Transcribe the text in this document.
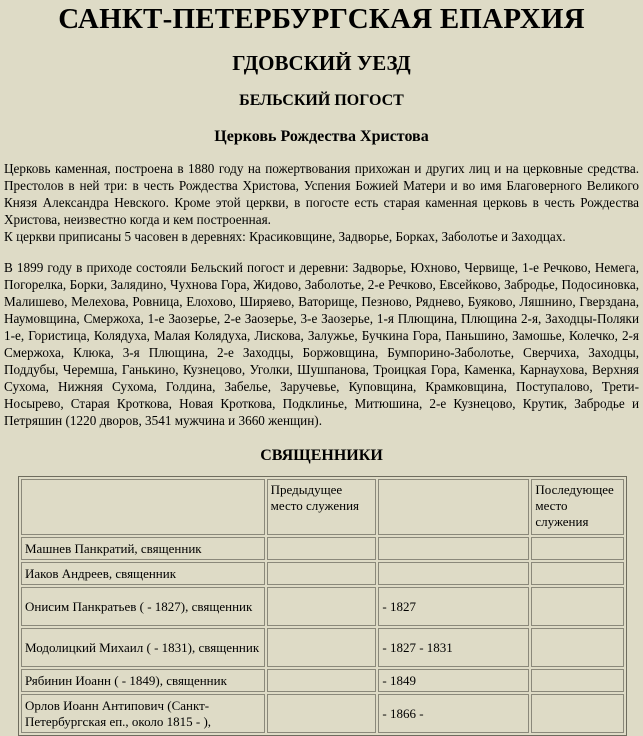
САНКТ-ПЕТЕРБУРГСКАЯ ЕПАРХИЯ
ГДОВСКИЙ УЕЗД
БЕЛЬСКИЙ ПОГОСТ
Церковь Рождества Христова

Церковь каменная, построена в 1880 году на пожертвования прихожан и других лиц и на церковные средства. Престолов в ней три: в честь Рождества Христова, Успения Божией Матери и во имя Благоверного Великого Князя Александра Невского. Кроме этой церкви, в погосте есть старая каменная церковь в честь Рождества Христова, неизвестно когда и кем построенная.

К церкви приписаны 5 часовен в деревнях: Красиковщине, Задворье, Борках, Заболотье и Заходцах.

В 1899 году в приходе состояли Бельский погост и деревни: Задворье, Юхново, Червище, 1-е Речково, Немега, Погорелка, Борки, Залядино, Чухнова Гора, Жидово, Заболотье, 2-е Речково, Евсейково, Забродье, Подосиновка, Малишево, Мелехова, Ровница, Елохово, Ширяево, Ваторище, Пезново, Ряднево, Буяково, Ляшнино, Гверздана, Наумовщина, Смержоха, 1-е Заозерье, 2-е Заозерье, 3-е Заозерье, 1-я Плющина, Плющина 2-я, Заходцы-Поляки 1-е, Гористица, Колядуха, Малая Колядуха, Лискова, Залужье, Бучкина Гора, Паньшино, Замошье, Колечко, 2-я Смержоха, Клюка, 3-я Плющина, 2-е Заходцы, Боржовщина, Бумпорино-Заболотье, Сверчиха, Заходцы, Поддубы, Черемша, Ганькино, Кузнецово, Уголки, Шушпанова, Троицкая Гора, Каменка, Карнаухова, Верхняя Сухома, Нижняя Сухома, Голдина, Забелье, Заручевье, Куповщина, Крамковщина, Поступалово, Трети-Носырево, Старая Кроткова, Новая Кроткова, Подклинье, Митюшина, 2-е Кузнецово, Крутик, Забродье и Петряшин (1220 дворов, 3541 мужчина и 3660 женщин).

СВЯЩЕННИКИ
	Предыдущее место служения		Последующее место служения
Машнев Панкратий, священник			
Иаков Андреев, священник			
Онисим Панкратьев ( - 1827), священник		- 1827	
Модолицкий Михаил ( - 1831), священник		- 1827 - 1831	
Рябинин Иоанн ( - 1849), священник		- 1849	
Орлов Иоанн Антипович (Санкт-Петербургская еп., около 1815 - ),		- 1866 -	
